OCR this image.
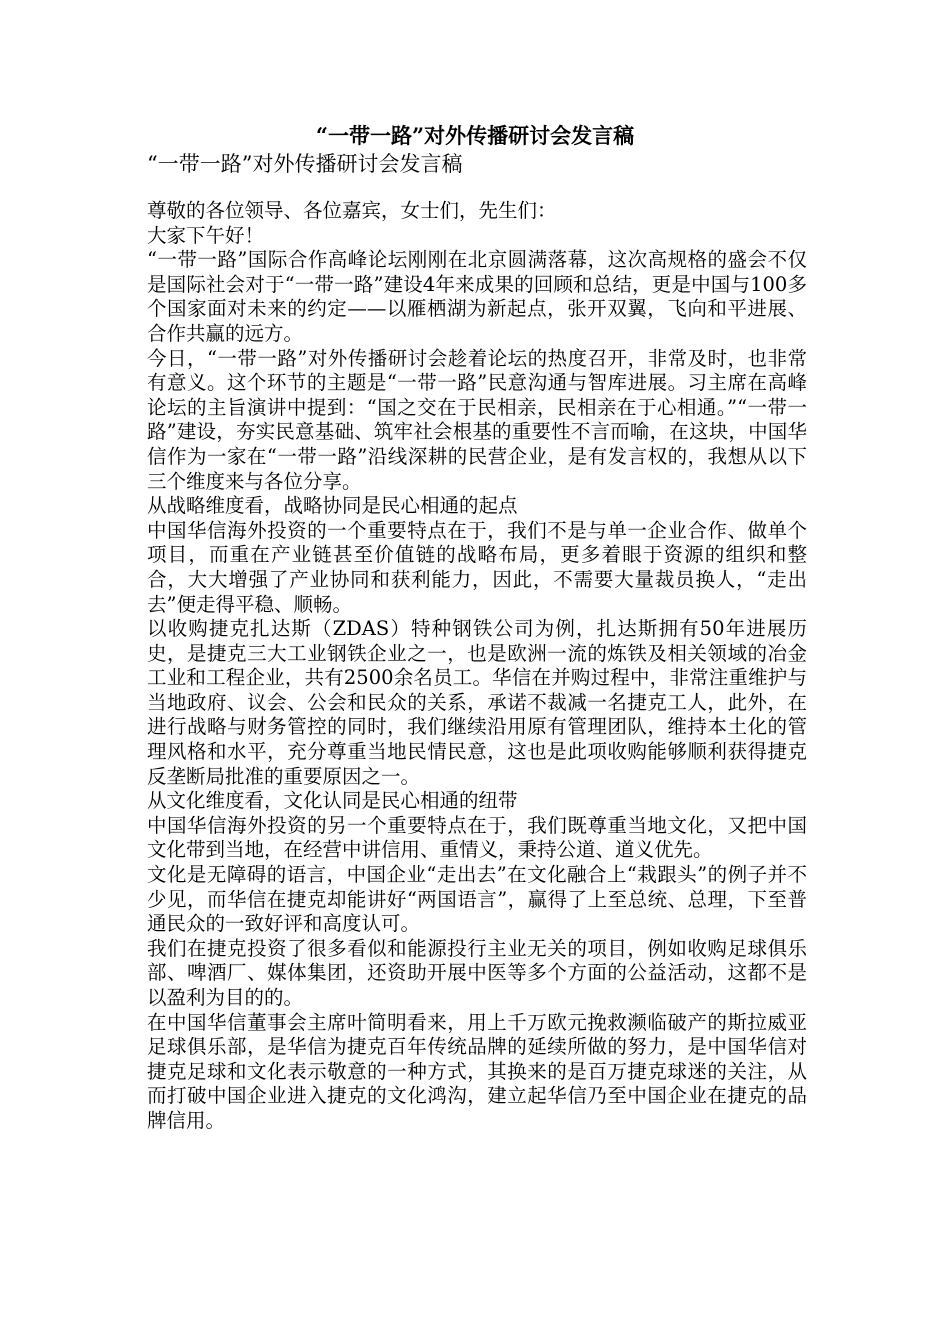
“一带一路”对外传播研讨会发言稿
“一带一路”对外传播研讨会发言稿

尊敬的各位领导、各位嘉宾，女士们，先生们：

大家下午好！

“一带一路”国际合作高峰论坛刚刚在北京圆满落幕，这次高规格的盛会不仅是国际社会对于“一带一路”建设4年来成果的回顾和总结，更是中国与100多个国家面对未来的约定——以雁栖湖为新起点，张开双翼，飞向和平进展、合作共赢的远方。

今日，“一带一路”对外传播研讨会趁着论坛的热度召开，非常及时，也非常有意义。这个环节的主题是“一带一路”民意沟通与智库进展。习主席在高峰论坛的主旨演讲中提到：“国之交在于民相亲，民相亲在于心相通。”“一带一路”建设，夯实民意基础、筑牢社会根基的重要性不言而喻，在这块，中国华信作为一家在“一带一路”沿线深耕的民营企业，是有发言权的，我想从以下三个维度来与各位分享。

从战略维度看，战略协同是民心相通的起点

中国华信海外投资的一个重要特点在于，我们不是与单一企业合作、做单个项目，而重在产业链甚至价值链的战略布局，更多着眼于资源的组织和整合，大大增强了产业协同和获利能力，因此，不需要大量裁员换人，“走出去”便走得平稳、顺畅。

以收购捷克扎达斯（ZDAS）特种钢铁公司为例，扎达斯拥有50年进展历史，是捷克三大工业钢铁企业之一，也是欧洲一流的炼铁及相关领域的冶金工业和工程企业，共有2500余名员工。华信在并购过程中，非常注重维护与当地政府、议会、公会和民众的关系，承诺不裁减一名捷克工人，此外，在进行战略与财务管控的同时，我们继续沿用原有管理团队，维持本土化的管理风格和水平，充分尊重当地民情民意，这也是此项收购能够顺利获得捷克反垄断局批准的重要原因之一。

从文化维度看，文化认同是民心相通的纽带

中国华信海外投资的另一个重要特点在于，我们既尊重当地文化，又把中国文化带到当地，在经营中讲信用、重情义，秉持公道、道义优先。

文化是无障碍的语言，中国企业“走出去”在文化融合上“栽跟头”的例子并不少见，而华信在捷克却能讲好“两国语言”，赢得了上至总统、总理，下至普通民众的一致好评和高度认可。

我们在捷克投资了很多看似和能源投行主业无关的项目，例如收购足球俱乐部、啤酒厂、媒体集团，还资助开展中医等多个方面的公益活动，这都不是以盈利为目的的。

在中国华信董事会主席叶简明看来，用上千万欧元挽救濒临破产的斯拉威亚足球俱乐部，是华信为捷克百年传统品牌的延续所做的努力，是中国华信对捷克足球和文化表示敬意的一种方式，其换来的是百万捷克球迷的关注，从而打破中国企业进入捷克的文化鸿沟，建立起华信乃至中国企业在捷克的品牌信用。
